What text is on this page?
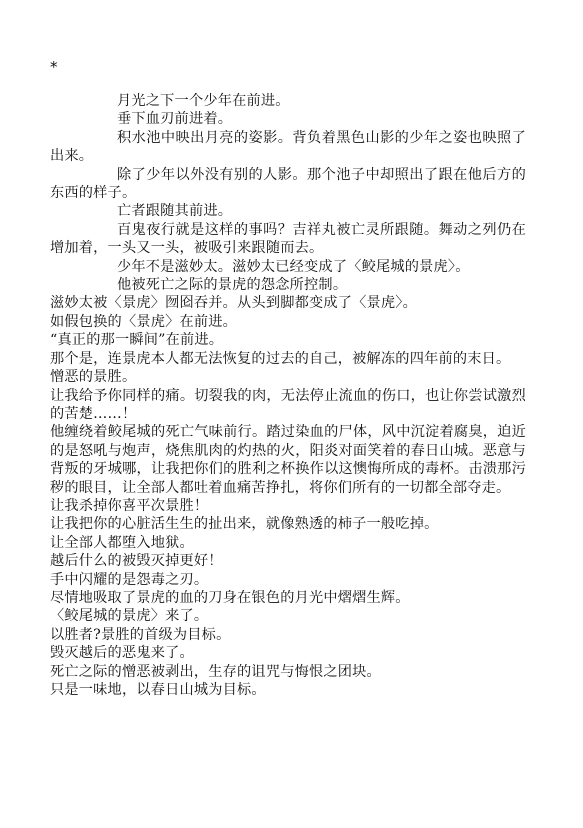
*

月光之下一个少年在前进。

垂下血刃前进着。

积水池中映出月亮的姿影。背负着黑色山影的少年之姿也映照了出来。

除了少年以外没有别的人影。那个池子中却照出了跟在他后方的东西的样子。

亡者跟随其前进。

百鬼夜行就是这样的事吗？吉祥丸被亡灵所跟随。舞动之列仍在增加着，一头又一头，被吸引来跟随而去。

少年不是滋妙太。滋妙太已经变成了〈鲛尾城的景虎〉。

他被死亡之际的景虎的怨念所控制。

滋妙太被〈景虎〉囫囵吞并。从头到脚都变成了〈景虎〉。

如假包换的〈景虎〉在前进。

“真正的那一瞬间”在前进。

那个是，连景虎本人都无法恢复的过去的自己，被解冻的四年前的末日。

憎恶的景胜。

让我给予你同样的痛。切裂我的肉，无法停止流血的伤口，也让你尝试激烈的苦楚……！

他缠绕着鲛尾城的死亡气味前行。踏过染血的尸体，风中沉淀着腐臭，迫近的是怒吼与炮声，烧焦肌肉的灼热的火，阳炎对面笑着的春日山城。恶意与背叛的牙城哪，让我把你们的胜利之杯换作以这懊悔所成的毒杯。击溃那污秽的眼目，让全部人都吐着血痛苦挣扎，将你们所有的一切都全部夺走。

让我杀掉你喜平次景胜！

让我把你的心脏活生生的扯出来，就像熟透的柿子一般吃掉。

让全部人都堕入地狱。

越后什么的被毁灭掉更好！

手中闪耀的是怨毒之刃。

尽情地吸取了景虎的血的刀身在银色的月光中熠熠生辉。

〈鲛尾城的景虎〉来了。

以胜者?景胜的首级为目标。

毁灭越后的恶鬼来了。

死亡之际的憎恶被剥出，生存的诅咒与悔恨之团块。

只是一味地，以春日山城为目标。
